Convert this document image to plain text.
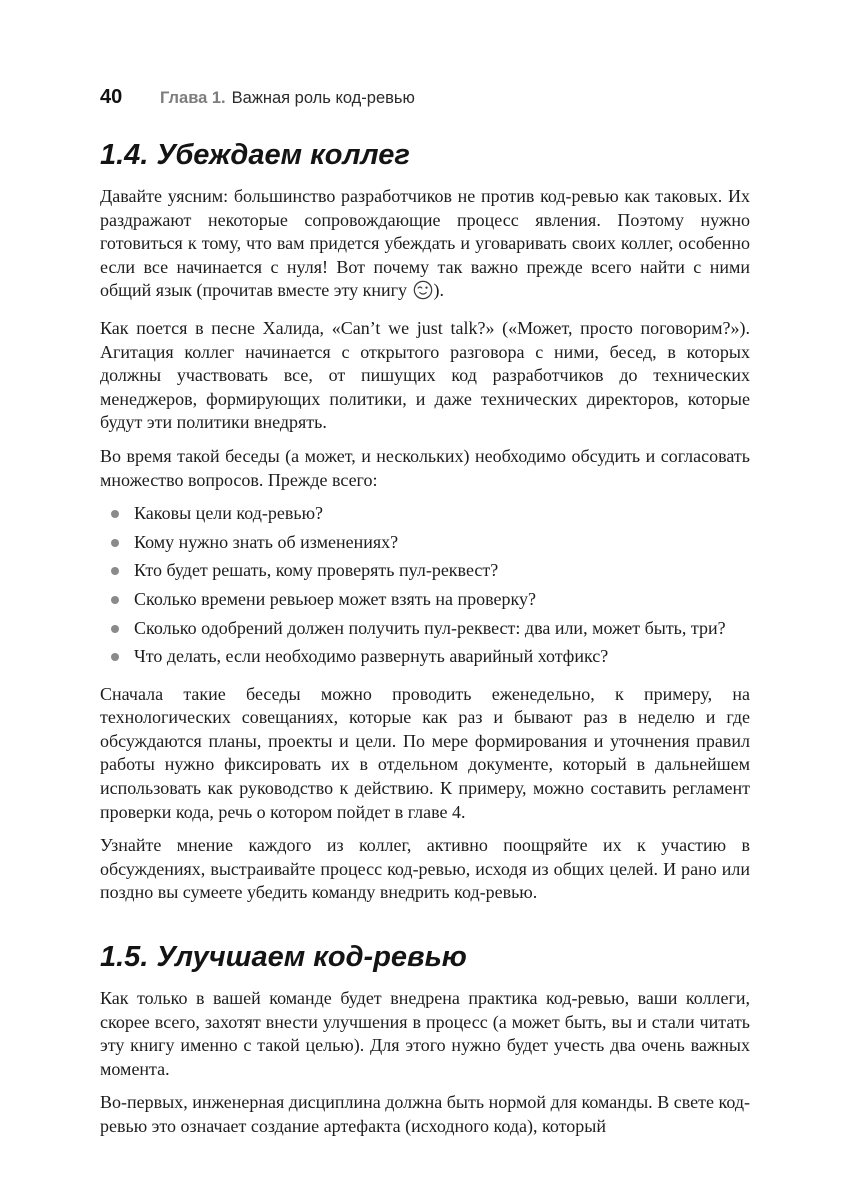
40	Глава 1. Важная роль код-ревью
1.4. Убеждаем коллег

Давайте уясним: большинство разработчиков не против код-ревью как таковых. Их раздражают некоторые сопровождающие процесс явления. Поэтому нужно готовиться к тому, что вам придется убеждать и уговаривать своих коллег, особенно если все начинается с нуля! Вот почему так важно прежде всего найти с ними общий язык (прочитав вместе эту книгу ).

Как поется в песне Халида, «Can’t we just talk?» («Может, просто поговорим?»). Агитация коллег начинается с открытого разговора с ними, бесед, в которых должны участвовать все, от пишущих код разработчиков до технических менеджеров, формирующих политики, и даже технических директоров, которые будут эти политики внедрять.

Во время такой беседы (а может, и нескольких) необходимо обсудить и согласовать множество вопросов. Прежде всего:

Каковы цели код-ревью?
Кому нужно знать об изменениях?
Кто будет решать, кому проверять пул-реквест?
Сколько времени ревьюер может взять на проверку?
Сколько одобрений должен получить пул-реквест: два или, может быть, три?
Что делать, если необходимо развернуть аварийный хотфикс?

Сначала такие беседы можно проводить еженедельно, к примеру, на технологических совещаниях, которые как раз и бывают раз в неделю и где обсуждаются планы, проекты и цели. По мере формирования и уточнения правил работы нужно фиксировать их в отдельном документе, который в дальнейшем использовать как руководство к действию. К примеру, можно составить регламент проверки кода, речь о котором пойдет в главе 4.

Узнайте мнение каждого из коллег, активно поощряйте их к участию в обсуждениях, выстраивайте процесс код-ревью, исходя из общих целей. И рано или поздно вы сумеете убедить команду внедрить код-ревью.

1.5. Улучшаем код-ревью

Как только в вашей команде будет внедрена практика код-ревью, ваши коллеги, скорее всего, захотят внести улучшения в процесс (а может быть, вы и стали читать эту книгу именно с такой целью). Для этого нужно будет учесть два очень важных момента.

Во-первых, инженерная дисциплина должна быть нормой для команды. В свете код-ревью это означает создание артефакта (исходного кода), который
